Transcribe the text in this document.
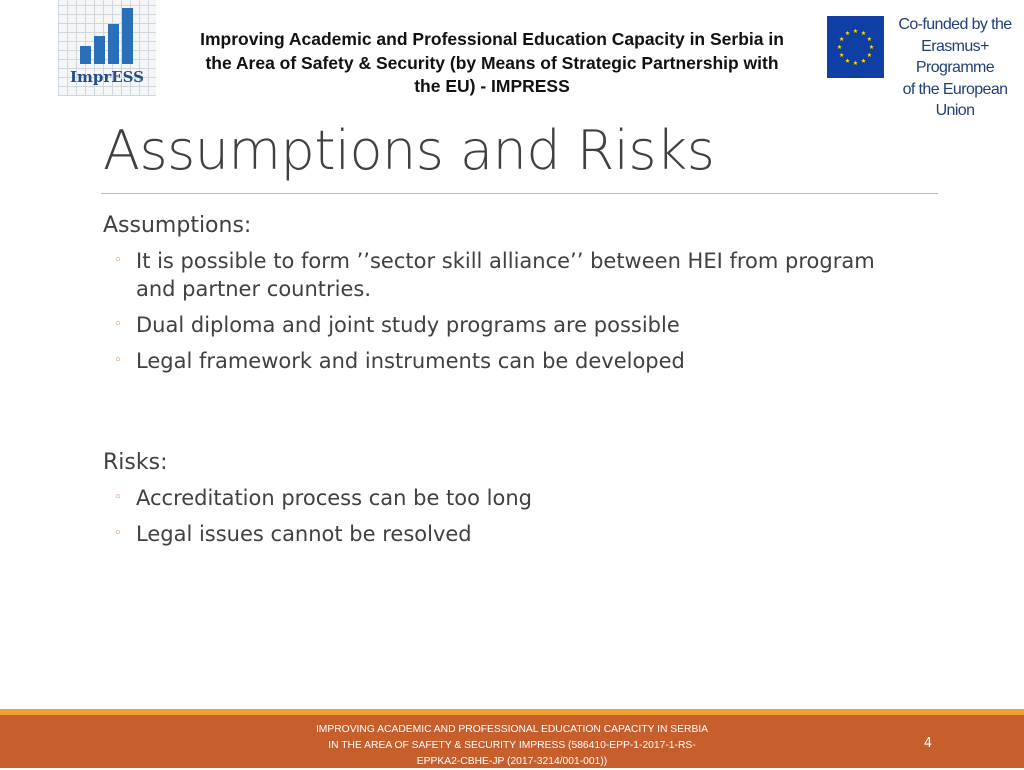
ImprESS
Improving Academic and Professional Education Capacity in Serbia in the Area of Safety & Security (by Means of Strategic Partnership with the EU) - IMPRESS
Co-funded by the
Erasmus+ Programme
of the European Union
Assumptions and Risks
Assumptions:
◦ It is possible to form ’’sector skill alliance’’ between HEI from program and partner countries.
◦ Dual diploma and joint study programs are possible
◦ Legal framework and instruments can be developed
Risks:
◦ Accreditation process can be too long
◦ Legal issues cannot be resolved
IMPROVING ACADEMIC AND PROFESSIONAL EDUCATION CAPACITY IN SERBIA IN THE AREA OF SAFETY & SECURITY IMPRESS (586410-EPP-1-2017-1-RS-EPPKA2-CBHE-JP (2017-3214/001-001))
4
